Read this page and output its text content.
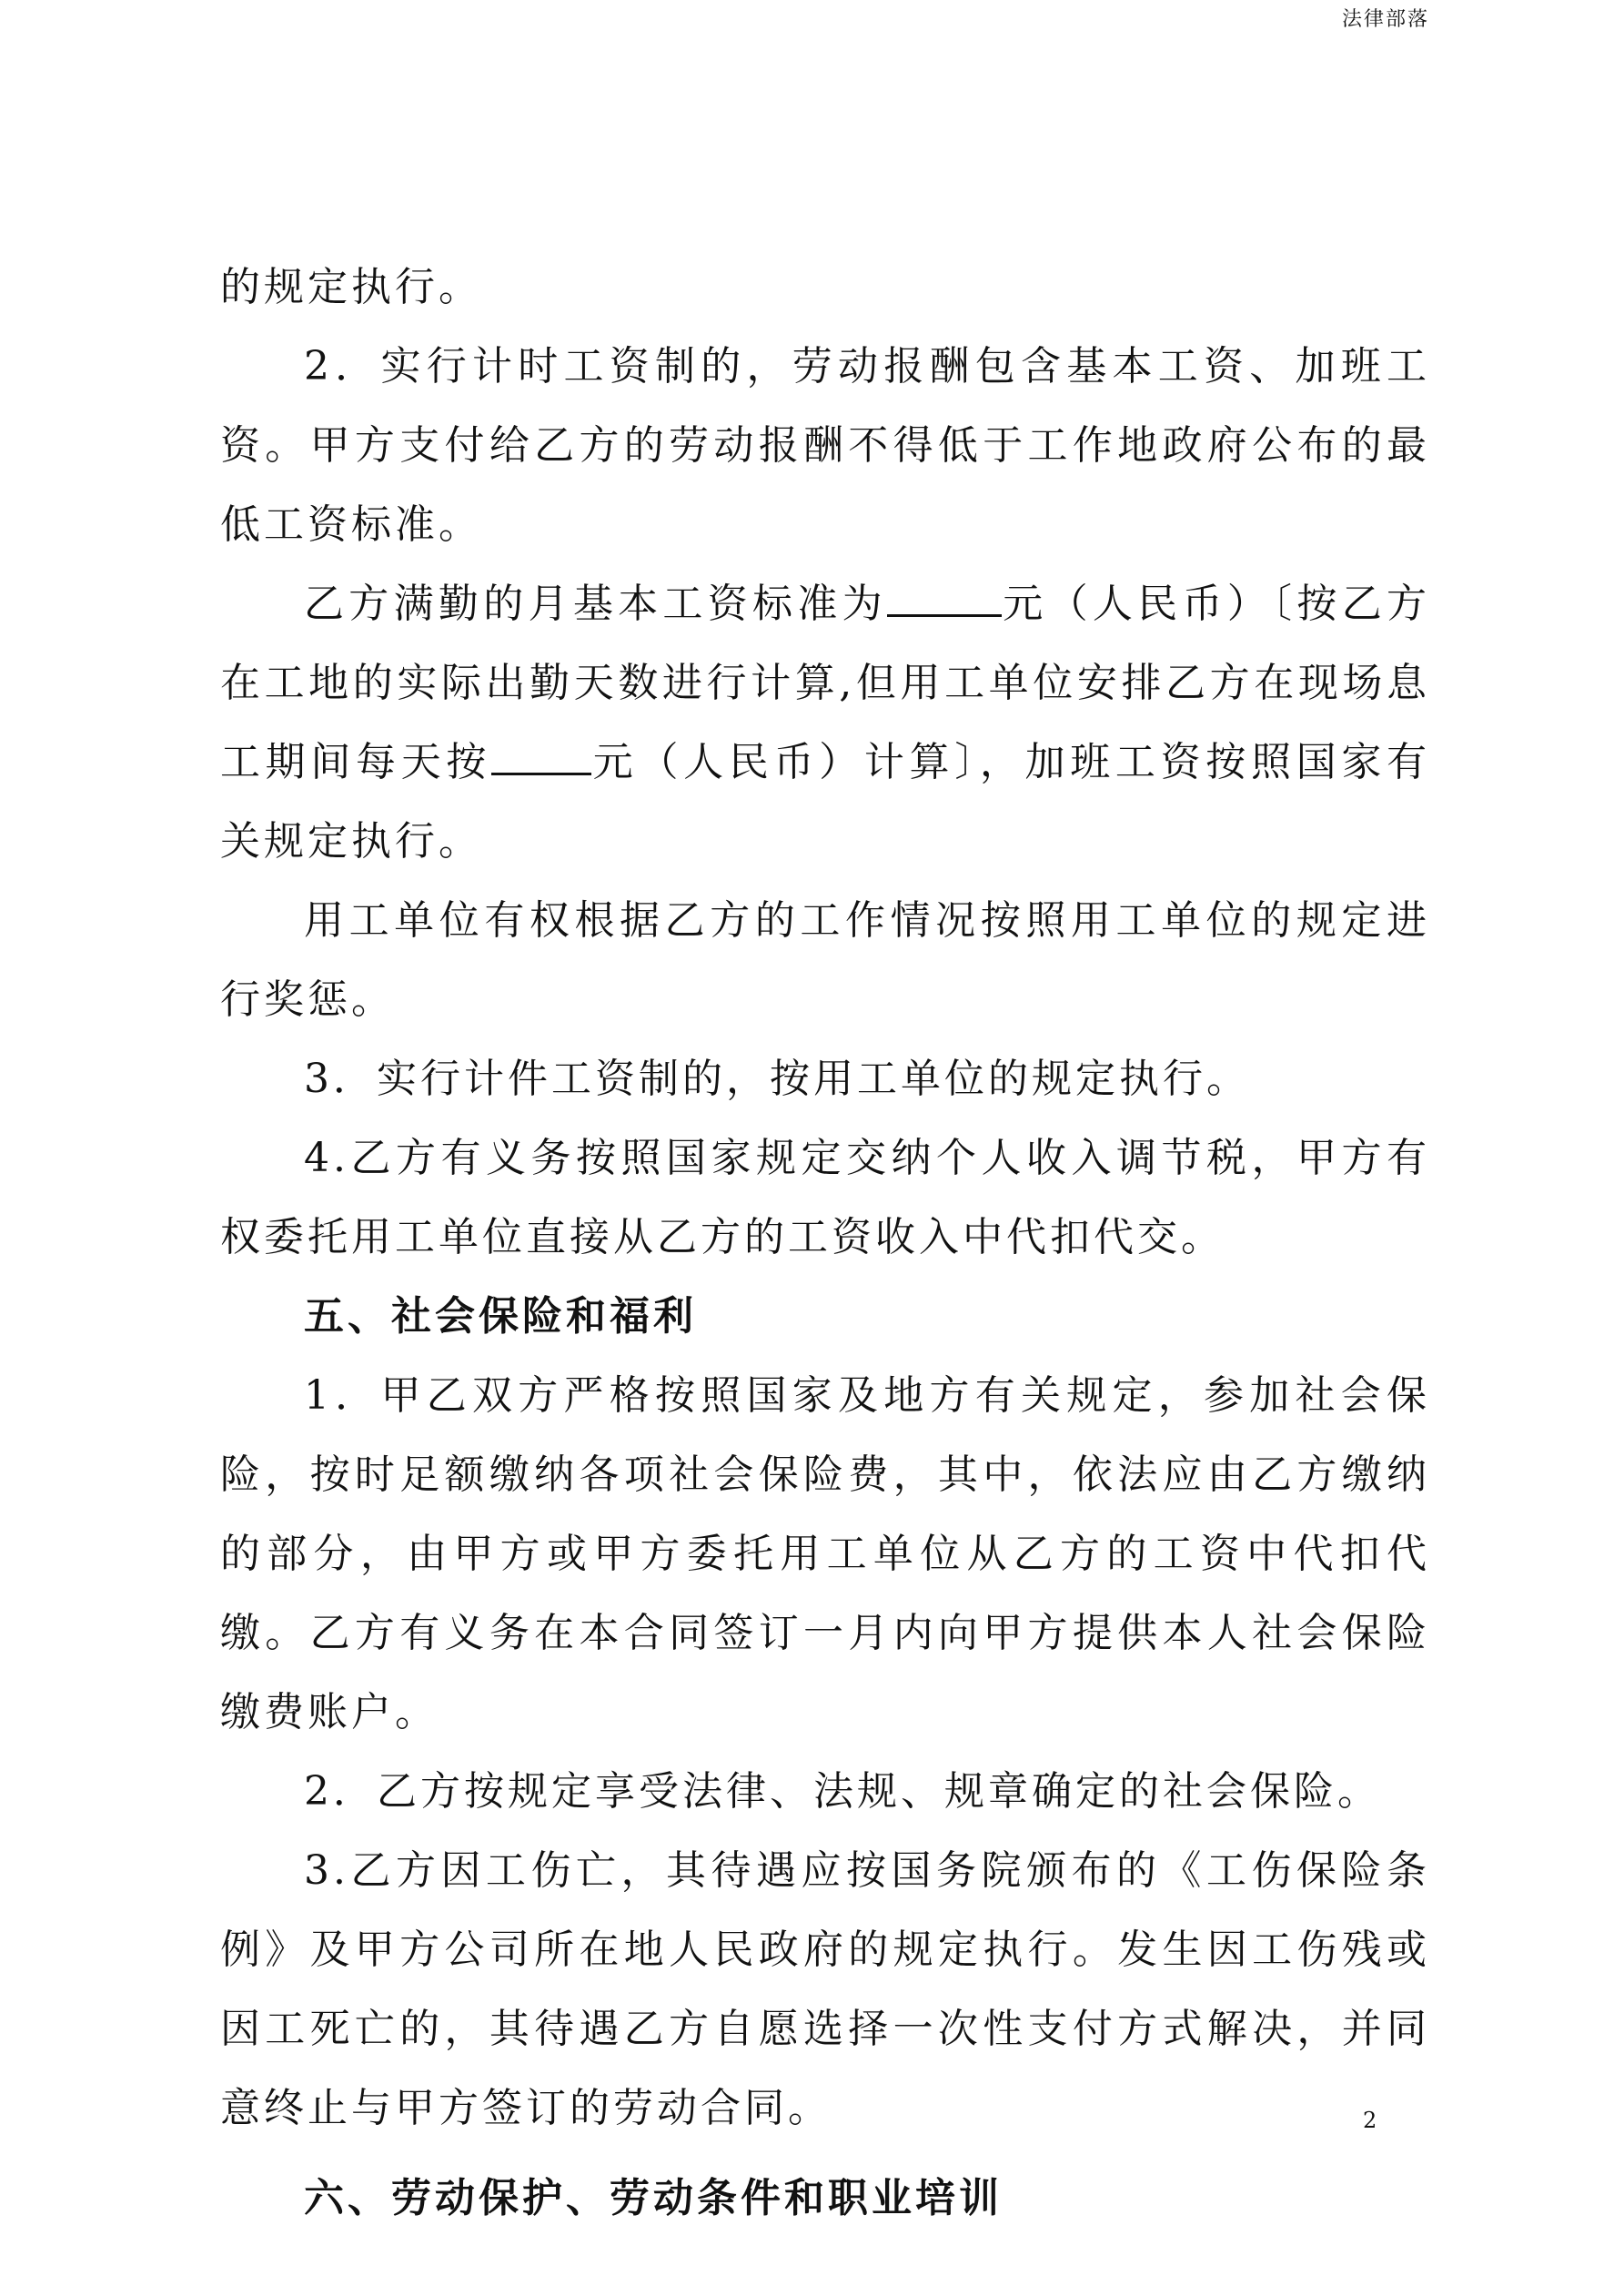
法律部落

的规定执行。

2．实行计时工资制的，劳动报酬包含基本工资、加班工资。甲方支付给乙方的劳动报酬不得低于工作地政府公布的最低工资标准。

乙方满勤的月基本工资标准为	元（人民币）〔按乙方在工地的实际出勤天数进行计算,但用工单位安排乙方在现场息工期间每天按	元（人民币）计算〕，加班工资按照国家有关规定执行。

用工单位有权根据乙方的工作情况按照用工单位的规定进行奖惩。

3．实行计件工资制的，按用工单位的规定执行。

4.乙方有义务按照国家规定交纳个人收入调节税，甲方有权委托用工单位直接从乙方的工资收入中代扣代交。

五、社会保险和福利

1．甲乙双方严格按照国家及地方有关规定，参加社会保险，按时足额缴纳各项社会保险费，其中，依法应由乙方缴纳的部分，由甲方或甲方委托用工单位从乙方的工资中代扣代缴。乙方有义务在本合同签订一月内向甲方提供本人社会保险缴费账户。

2．乙方按规定享受法律、法规、规章确定的社会保险。

3.乙方因工伤亡，其待遇应按国务院颁布的《工伤保险条例》及甲方公司所在地人民政府的规定执行。发生因工伤残或因工死亡的，其待遇乙方自愿选择一次性支付方式解决，并同意终止与甲方签订的劳动合同。

六、劳动保护、劳动条件和职业培训

2
